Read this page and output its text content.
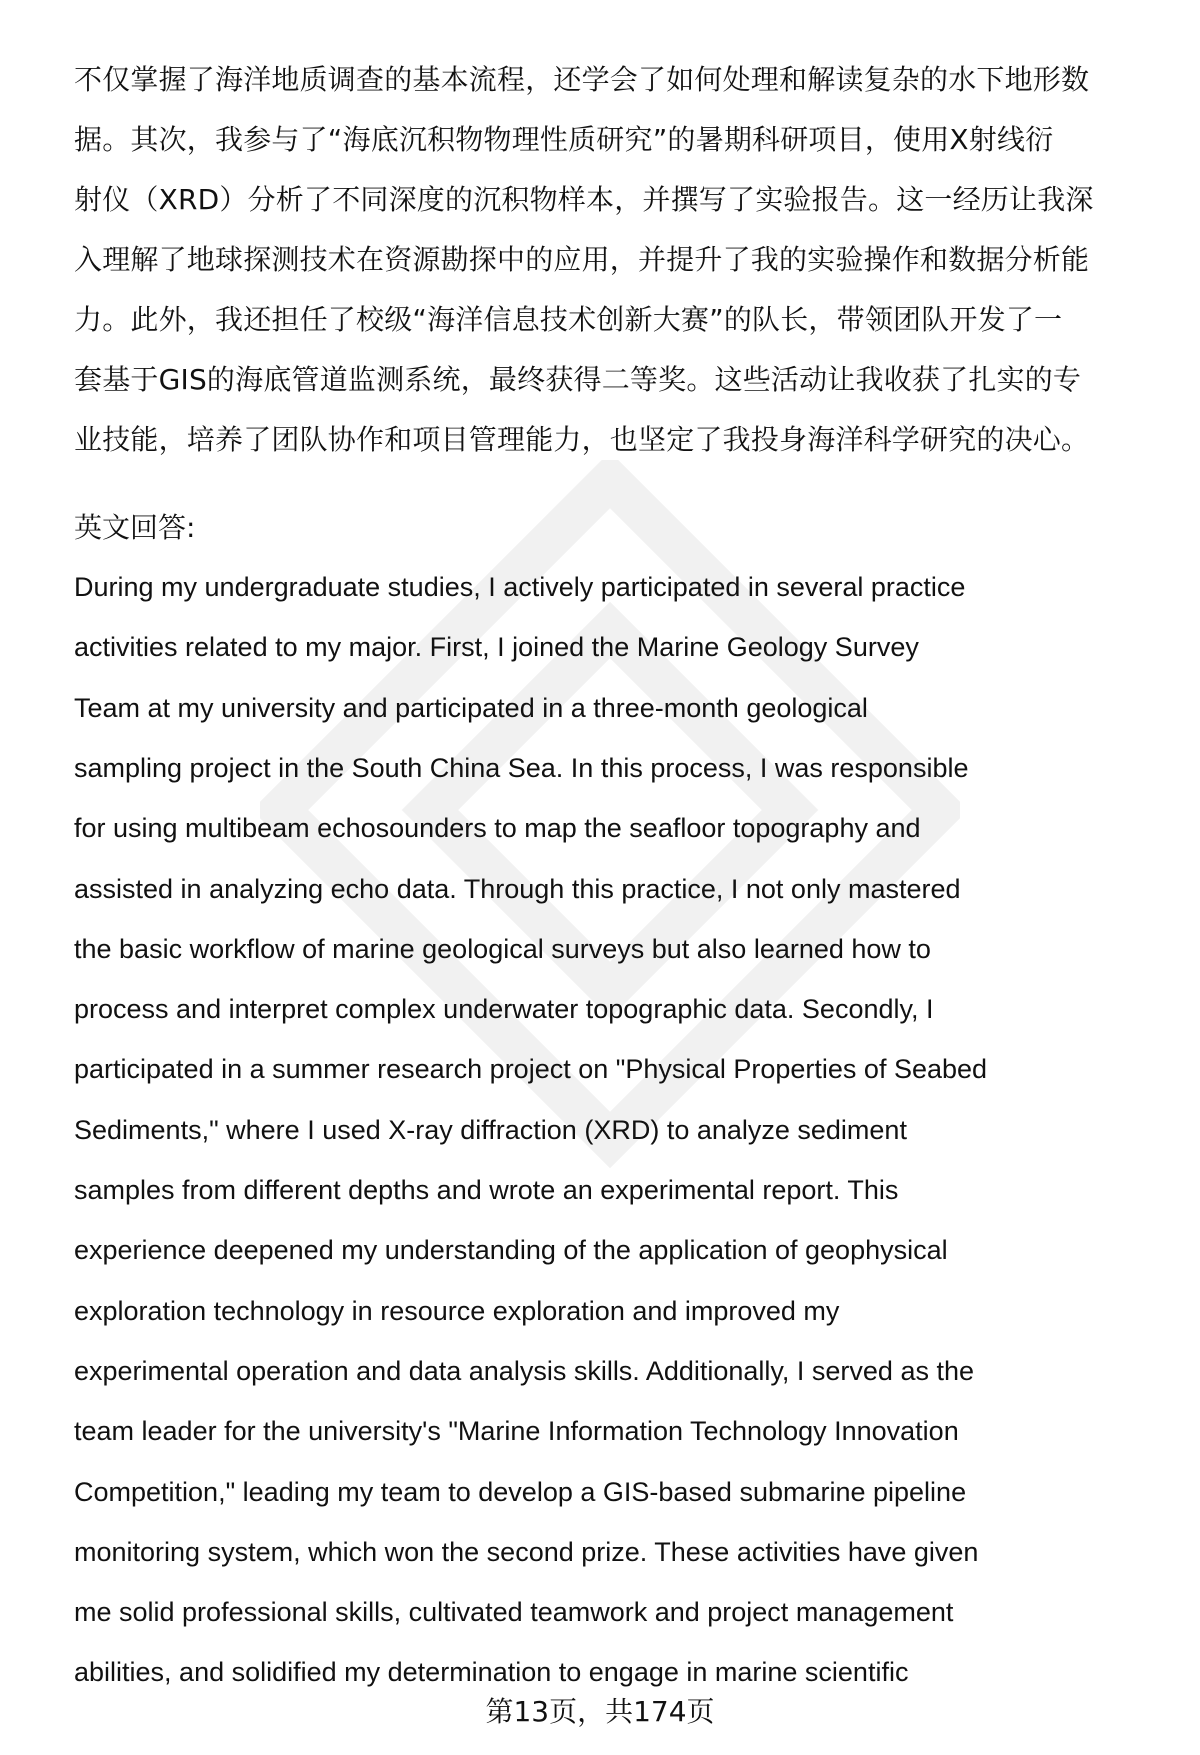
不仅掌握了海洋地质调查的基本流程，还学会了如何处理和解读复杂的水下地形数
据。其次，我参与了“海底沉积物物理性质研究”的暑期科研项目，使用X射线衍
射仪（XRD）分析了不同深度的沉积物样本，并撰写了实验报告。这一经历让我深
入理解了地球探测技术在资源勘探中的应用，并提升了我的实验操作和数据分析能
力。此外，我还担任了校级“海洋信息技术创新大赛”的队长，带领团队开发了一
套基于GIS的海底管道监测系统，最终获得二等奖。这些活动让我收获了扎实的专
业技能，培养了团队协作和项目管理能力，也坚定了我投身海洋科学研究的决心。
英文回答:
During my undergraduate studies, I actively participated in several practice
activities related to my major. First, I joined the Marine Geology Survey
Team at my university and participated in a three-month geological
sampling project in the South China Sea. In this process, I was responsible
for using multibeam echosounders to map the seafloor topography and
assisted in analyzing echo data. Through this practice, I not only mastered
the basic workflow of marine geological surveys but also learned how to
process and interpret complex underwater topographic data. Secondly, I
participated in a summer research project on "Physical Properties of Seabed
Sediments," where I used X-ray diffraction (XRD) to analyze sediment
samples from different depths and wrote an experimental report. This
experience deepened my understanding of the application of geophysical
exploration technology in resource exploration and improved my
experimental operation and data analysis skills. Additionally, I served as the
team leader for the university's "Marine Information Technology Innovation
Competition," leading my team to develop a GIS-based submarine pipeline
monitoring system, which won the second prize. These activities have given
me solid professional skills, cultivated teamwork and project management
abilities, and solidified my determination to engage in marine scientific
第13页，共174页
